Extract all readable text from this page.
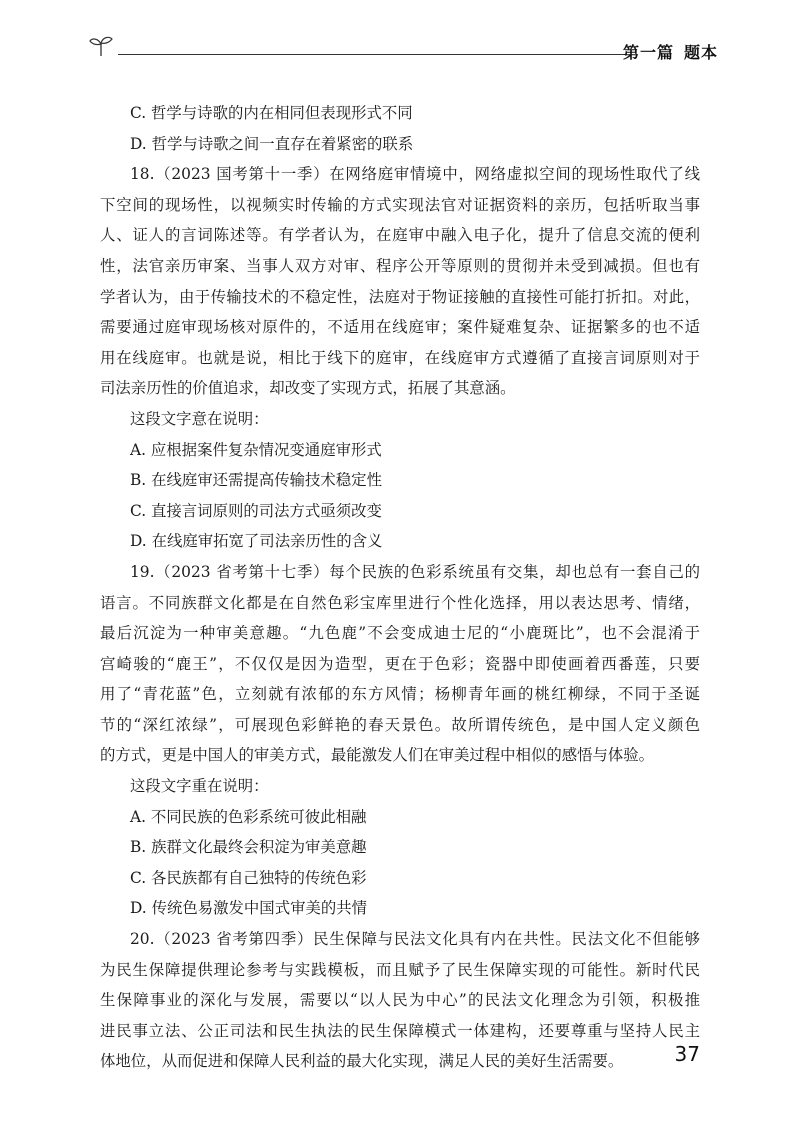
第一篇 题本
C. 哲学与诗歌的内在相同但表现形式不同
D. 哲学与诗歌之间一直存在着紧密的联系
18.（2023 国考第十一季）在网络庭审情境中，网络虚拟空间的现场性取代了线
下空间的现场性，以视频实时传输的方式实现法官对证据资料的亲历，包括听取当事
人、证人的言词陈述等。有学者认为，在庭审中融入电子化，提升了信息交流的便利
性，法官亲历审案、当事人双方对审、程序公开等原则的贯彻并未受到减损。但也有
学者认为，由于传输技术的不稳定性，法庭对于物证接触的直接性可能打折扣。对此，
需要通过庭审现场核对原件的，不适用在线庭审；案件疑难复杂、证据繁多的也不适
用在线庭审。也就是说，相比于线下的庭审，在线庭审方式遵循了直接言词原则对于
司法亲历性的价值追求，却改变了实现方式，拓展了其意涵。
这段文字意在说明：
A. 应根据案件复杂情况变通庭审形式
B. 在线庭审还需提高传输技术稳定性
C. 直接言词原则的司法方式亟须改变
D. 在线庭审拓宽了司法亲历性的含义
19.（2023 省考第十七季）每个民族的色彩系统虽有交集，却也总有一套自己的
语言。不同族群文化都是在自然色彩宝库里进行个性化选择，用以表达思考、情绪，
最后沉淀为一种审美意趣。“九色鹿”不会变成迪士尼的“小鹿斑比”，也不会混淆于
宫崎骏的“鹿王”，不仅仅是因为造型，更在于色彩；瓷器中即使画着西番莲，只要
用了“青花蓝”色，立刻就有浓郁的东方风情；杨柳青年画的桃红柳绿，不同于圣诞
节的“深红浓绿”，可展现色彩鲜艳的春天景色。故所谓传统色，是中国人定义颜色
的方式，更是中国人的审美方式，最能激发人们在审美过程中相似的感悟与体验。
这段文字重在说明：
A. 不同民族的色彩系统可彼此相融
B. 族群文化最终会积淀为审美意趣
C. 各民族都有自己独特的传统色彩
D. 传统色易激发中国式审美的共情
20.（2023 省考第四季）民生保障与民法文化具有内在共性。民法文化不但能够
为民生保障提供理论参考与实践模板，而且赋予了民生保障实现的可能性。新时代民
生保障事业的深化与发展，需要以“以人民为中心”的民法文化理念为引领，积极推
进民事立法、公正司法和民生执法的民生保障模式一体建构，还要尊重与坚持人民主
体地位，从而促进和保障人民利益的最大化实现，满足人民的美好生活需要。	37
